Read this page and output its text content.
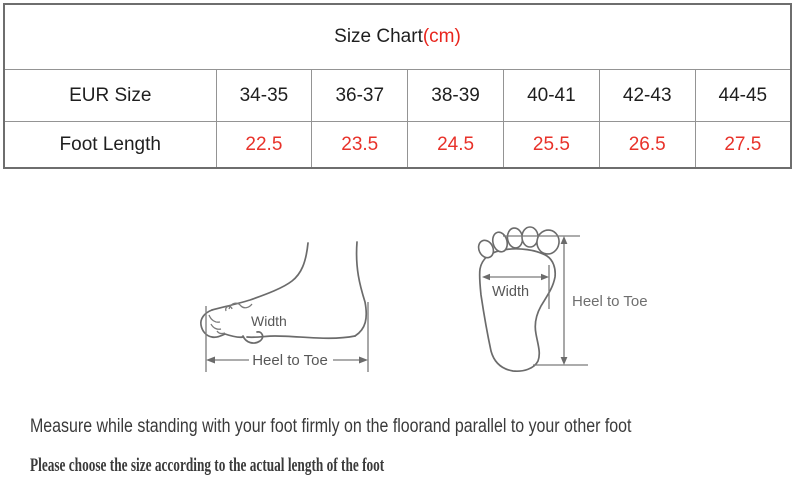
Size Chart(cm)						
EUR Size	34-35	36-37	38-39	40-41	42-43	44-45
Foot Length	22.5	23.5	24.5	25.5	26.5	27.5
Width
Heel to Toe
Width
Heel to Toe
Measure while standing with your foot firmly on the floorand parallel to your other foot
Please choose the size according to the actual length of the foot
